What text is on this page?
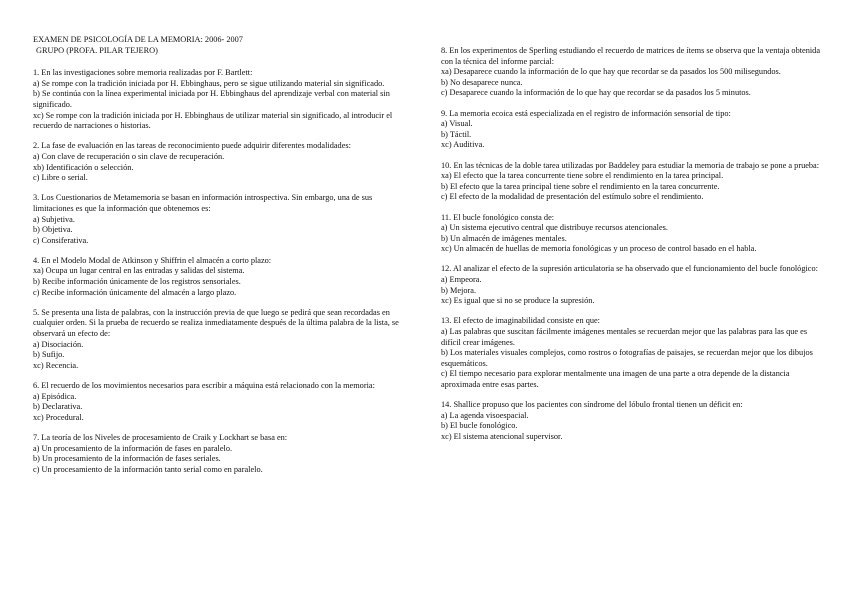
EXAMEN DE PSICOLOGÍA DE LA MEMORIA: 2006- 2007
GRUPO (PROFA. PILAR TEJERO)
1. En las investigaciones sobre memoria realizadas por F. Bartlett:
a) Se rompe con la tradición iniciada por H. Ebbinghaus, pero se sigue utilizando material sin significado.
b) Se continúa con la línea experimental iniciada por H. Ebbinghaus del aprendizaje verbal con material sin significado.
xc) Se rompe con la tradición iniciada por H. Ebbinghaus de utilizar material sin significado, al introducir el recuerdo de narraciones o historias.
2. La fase de evaluación en las tareas de reconocimiento puede adquirir diferentes modalidades:
a) Con clave de recuperación o sin clave de recuperación.
xb) Identificación o selección.
c) Libre o serial.
3. Los Cuestionarios de Metamemoria se basan en información introspectiva. Sin embargo, una de sus limitaciones es que la información que obtenemos es:
a) Subjetiva.
b) Objetiva.
c) Consiferativa.
4. En el Modelo Modal de Atkinson y Shiffrin el almacén a corto plazo:
xa) Ocupa un lugar central en las entradas y salidas del sistema.
b) Recibe información únicamente de los registros sensoriales.
c) Recibe información únicamente del almacén a largo plazo.
5. Se presenta una lista de palabras, con la instrucción previa de que luego se pedirá que sean recordadas en cualquier orden. Si la prueba de recuerdo se realiza inmediatamente después de la última palabra de la lista, se observará un efecto de:
a) Disociación.
b) Sufijo.
xc) Recencia.
6. El recuerdo de los movimientos necesarios para escribir a máquina está relacionado con la memoria:
a) Episódica.
b) Declarativa.
xc) Procedural.
7. La teoría de los Niveles de procesamiento de Craik y Lockhart se basa en:
a) Un procesamiento de la información de fases en paralelo.
b) Un procesamiento de la información de fases seriales.
c) Un procesamiento de la información tanto serial como en paralelo.
8. En los experimentos de Sperling estudiando el recuerdo de matrices de ítems se observa que la ventaja obtenida con la técnica del informe parcial:
xa) Desaparece cuando la información de lo que hay que recordar se da pasados los 500 milisegundos.
b) No desaparece nunca.
c) Desaparece cuando la información de lo que hay que recordar se da pasados los 5 minutos.
9. La memoria ecoica está especializada en el registro de información sensorial de tipo:
a) Visual.
b) Táctil.
xc) Auditiva.
10. En las técnicas de la doble tarea utilizadas por Baddeley para estudiar la memoria de trabajo se pone a prueba:
xa) El efecto que la tarea concurrente tiene sobre el rendimiento en la tarea principal.
b) El efecto que la tarea principal tiene sobre el rendimiento en la tarea concurrente.
c) El efecto de la modalidad de presentación del estímulo sobre el rendimiento.
11. El bucle fonológico consta de:
a) Un sistema ejecutivo central que distribuye recursos atencionales.
b) Un almacén de imágenes mentales.
xc) Un almacén de huellas de memoria fonológicas y un proceso de control basado en el habla.
12. Al analizar el efecto de la supresión articulatoria se ha observado que el funcionamiento del bucle fonológico:
a) Empeora.
b) Mejora.
xc) Es igual que si no se produce la supresión.
13. El efecto de imaginabilidad consiste en que:
a) Las palabras que suscitan fácilmente imágenes mentales se recuerdan mejor que las palabras para las que es difícil crear imágenes.
b) Los materiales visuales complejos, como rostros o fotografías de paisajes, se recuerdan mejor que los dibujos esquemáticos.
c) El tiempo necesario para explorar mentalmente una imagen de una parte a otra depende de la distancia aproximada entre esas partes.
14. Shallice propuso que los pacientes con síndrome del lóbulo frontal tienen un déficit en:
a) La agenda visoespacial.
b) El bucle fonológico.
xc) El sistema atencional supervisor.
